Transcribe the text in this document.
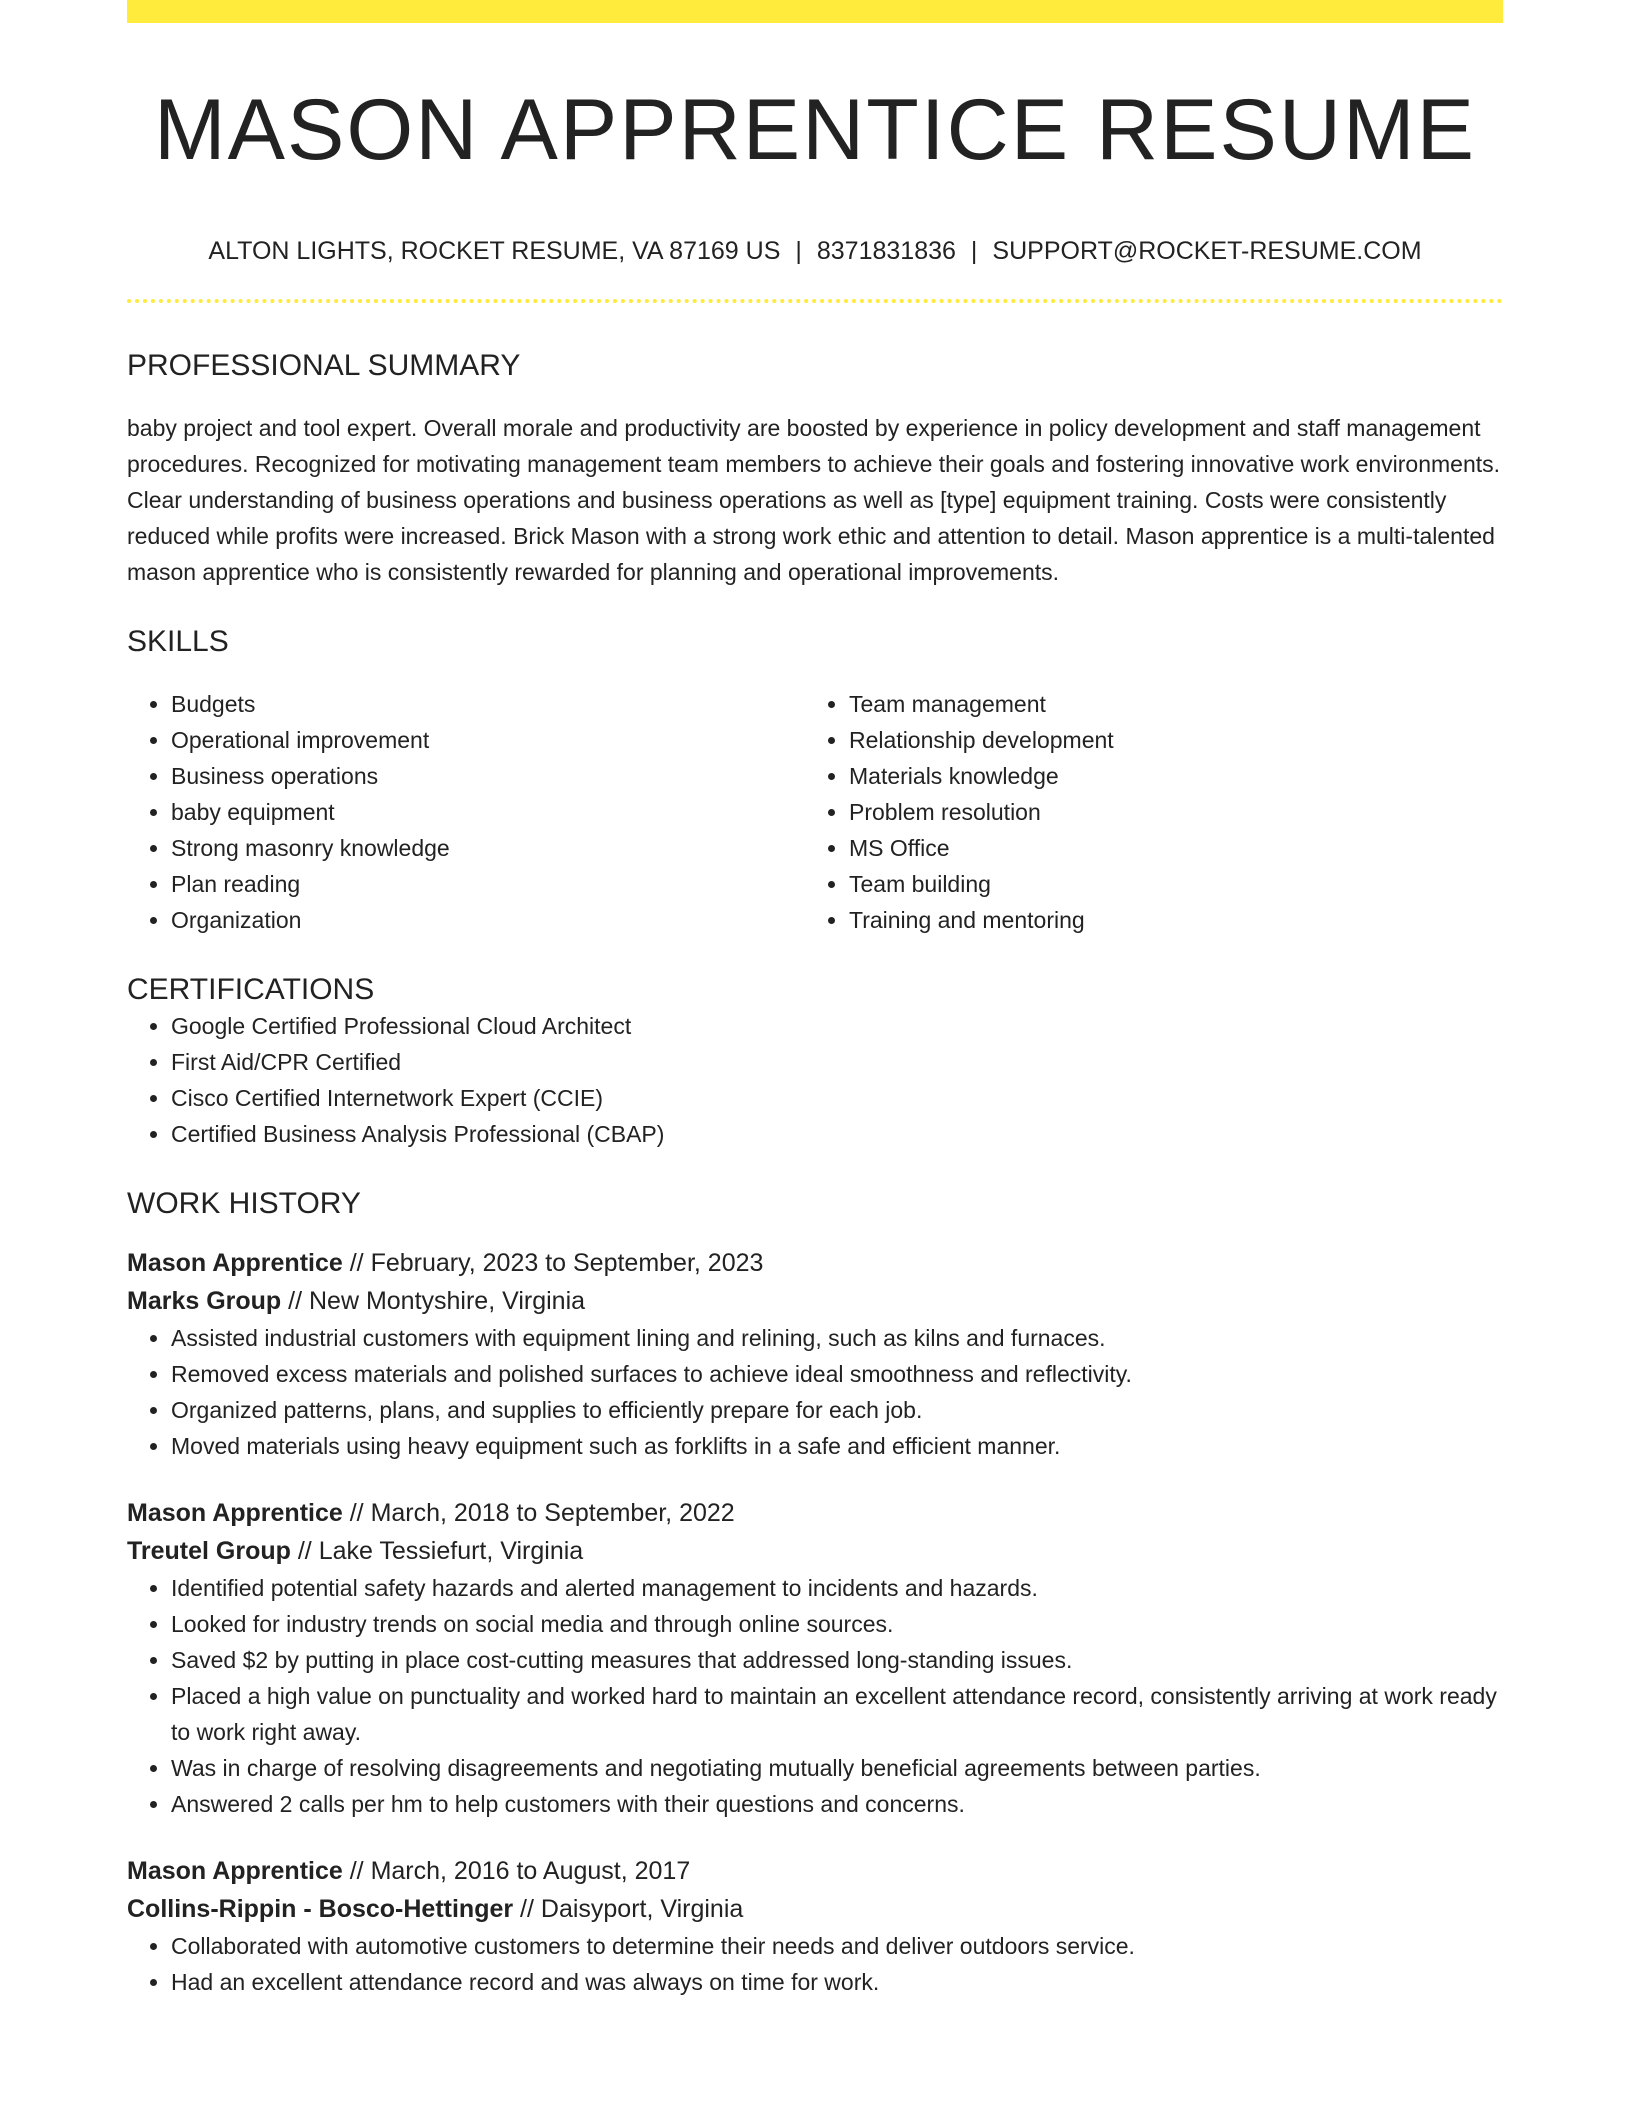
MASON APPRENTICE RESUME
ALTON LIGHTS, ROCKET RESUME, VA 87169 US | 8371831836 | SUPPORT@ROCKET-RESUME.COM
PROFESSIONAL SUMMARY
baby project and tool expert. Overall morale and productivity are boosted by experience in policy development and staff management procedures. Recognized for motivating management team members to achieve their goals and fostering innovative work environments. Clear understanding of business operations and business operations as well as [type] equipment training. Costs were consistently reduced while profits were increased. Brick Mason with a strong work ethic and attention to detail. Mason apprentice is a multi-talented mason apprentice who is consistently rewarded for planning and operational improvements.
SKILLS
• Budgets
• Operational improvement
• Business operations
• baby equipment
• Strong masonry knowledge
• Plan reading
• Organization
• Team management
• Relationship development
• Materials knowledge
• Problem resolution
• MS Office
• Team building
• Training and mentoring
CERTIFICATIONS
• Google Certified Professional Cloud Architect
• First Aid/CPR Certified
• Cisco Certified Internetwork Expert (CCIE)
• Certified Business Analysis Professional (CBAP)
WORK HISTORY
Mason Apprentice // February, 2023 to September, 2023
Marks Group // New Montyshire, Virginia
• Assisted industrial customers with equipment lining and relining, such as kilns and furnaces.
• Removed excess materials and polished surfaces to achieve ideal smoothness and reflectivity.
• Organized patterns, plans, and supplies to efficiently prepare for each job.
• Moved materials using heavy equipment such as forklifts in a safe and efficient manner.
Mason Apprentice // March, 2018 to September, 2022
Treutel Group // Lake Tessiefurt, Virginia
• Identified potential safety hazards and alerted management to incidents and hazards.
• Looked for industry trends on social media and through online sources.
• Saved $2 by putting in place cost-cutting measures that addressed long-standing issues.
• Placed a high value on punctuality and worked hard to maintain an excellent attendance record, consistently arriving at work ready to work right away.
• Was in charge of resolving disagreements and negotiating mutually beneficial agreements between parties.
• Answered 2 calls per hm to help customers with their questions and concerns.
Mason Apprentice // March, 2016 to August, 2017
Collins-Rippin - Bosco-Hettinger // Daisyport, Virginia
• Collaborated with automotive customers to determine their needs and deliver outdoors service.
• Had an excellent attendance record and was always on time for work.
